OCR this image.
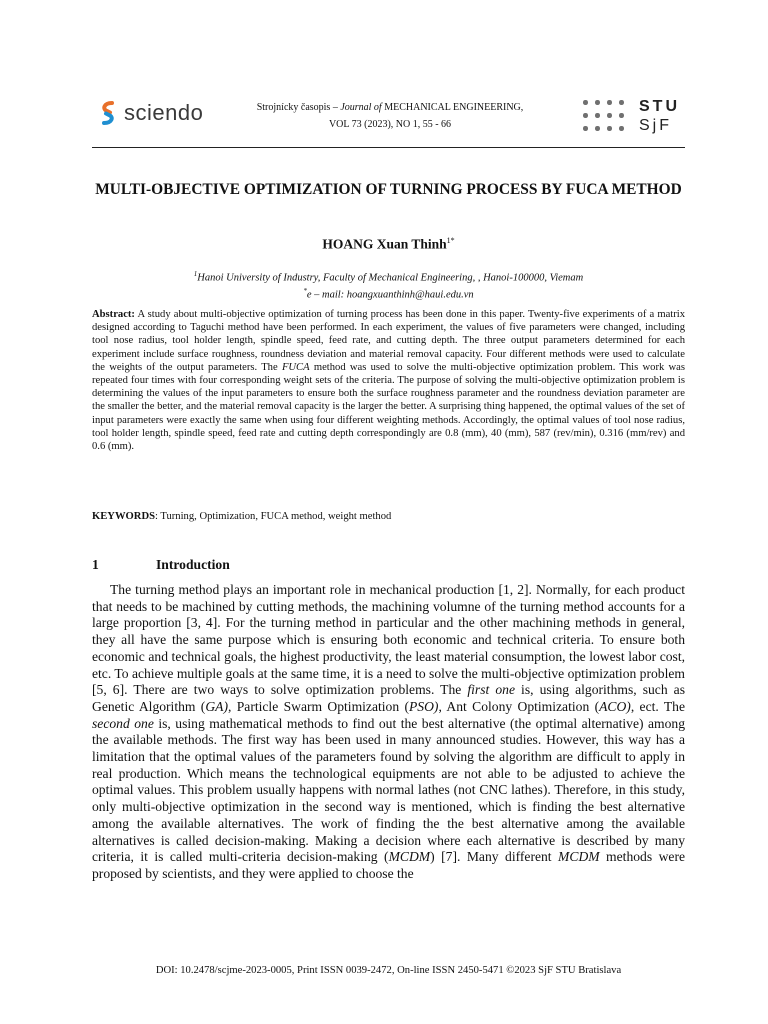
sciendo	Strojnícky časopis – Journal of MECHANICAL ENGINEERING,
VOL 73 (2023), NO 1, 55 - 66
STU
SjF
MULTI-OBJECTIVE OPTIMIZATION OF TURNING PROCESS BY FUCA METHOD
HOANG Xuan Thinh$^{1*}$
$^1$Hanoi University of Industry, Faculty of Mechanical Engineering, , Hanoi-100000, Viemam
*e – mail: hoangxuanthinh@haui.edu.vn
Abstract: A study about multi-objective optimization of turning process has been done in this paper. Twenty-five experiments of a matrix designed according to Taguchi method have been performed. In each experiment, the values of five parameters were changed, including tool nose radius, tool holder length, spindle speed, feed rate, and cutting depth. The three output parameters determined for each experiment include surface roughness, roundness deviation and material removal capacity. Four different methods were used to calculate the weights of the output parameters. The FUCA method was used to solve the multi-objective optimization problem. This work was repeated four times with four corresponding weight sets of the criteria. The purpose of solving the multi-objective optimization problem is determining the values of the input parameters to ensure both the surface roughness parameter and the roundness deviation parameter are the smaller the better, and the material removal capacity is the larger the better. A surprising thing happened, the optimal values of the set of input parameters were exactly the same when using four different weighting methods. Accordingly, the optimal values of tool nose radius, tool holder length, spindle speed, feed rate and cutting depth correspondingly are 0.8 (mm), 40 (mm), 587 (rev/min), 0.316 (mm/rev) and 0.6 (mm).
KEYWORDS: Turning, Optimization, FUCA method, weight method
1	Introduction

The turning method plays an important role in mechanical production [1, 2]. Normally, for each product that needs to be machined by cutting methods, the machining volumne of the turning method accounts for a large proportion [3, 4]. For the turning method in particular and the other machining methods in general, they all have the same purpose which is ensuring both economic and technical criteria. To ensure both economic and technical goals, the highest productivity, the least material consumption, the lowest labor cost, etc. To achieve multiple goals at the same time, it is a need to solve the multi-objective optimization problem [5, 6]. There are two ways to solve optimization problems. The first one is, using algorithms, such as Genetic Algorithm (GA), Particle Swarm Optimization (PSO), Ant Colony Optimization (ACO), ect. The second one is, using mathematical methods to find out the best alternative (the optimal alternative) among the available methods. The first way has been used in many announced studies. However, this way has a limitation that the optimal values of the parameters found by solving the algorithm are difficult to apply in real production. Which means the technological equipments are not able to be adjusted to achieve the optimal values. This problem usually happens with normal lathes (not CNC lathes). Therefore, in this study, only multi-objective optimization in the second way is mentioned, which is finding the best alternative among the available alternatives. The work of finding the the best alternative among the available alternatives is called decision-making. Making a decision where each alternative is described by many criteria, it is called multi-criteria decision-making (MCDM) [7]. Many different MCDM methods were proposed by scientists, and they were applied to choose the

DOI: 10.2478/scjme-2023-0005, Print ISSN 0039-2472, On-line ISSN 2450-5471 ©2023 SjF STU Bratislava
